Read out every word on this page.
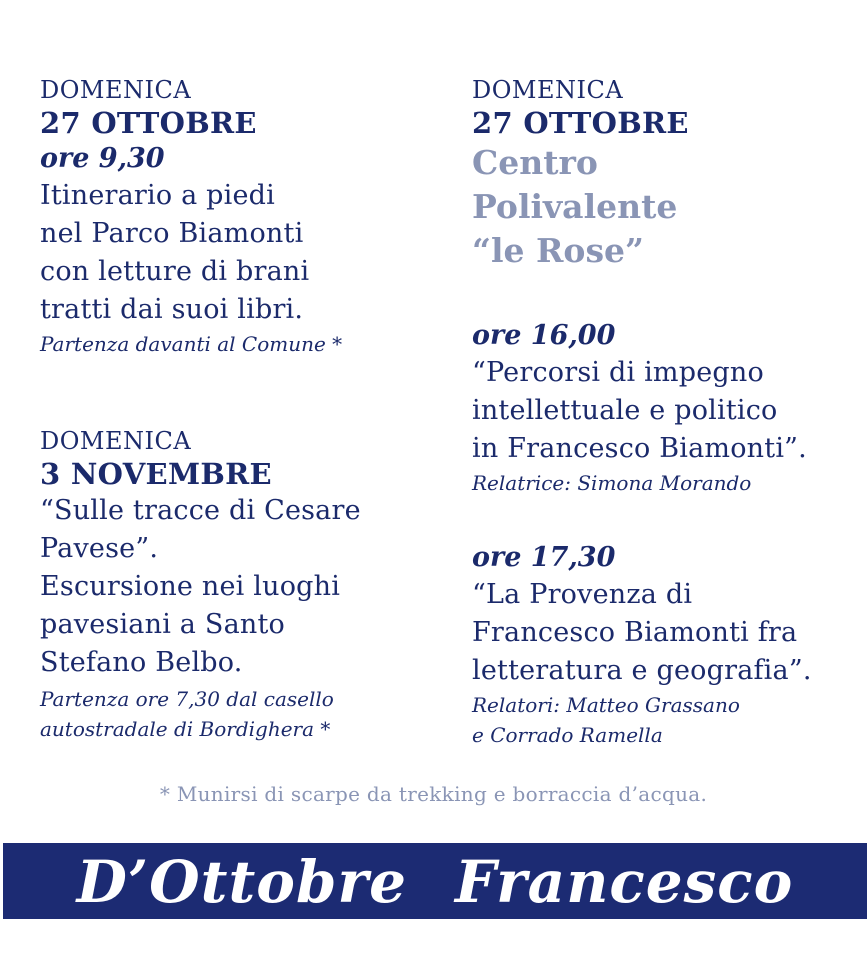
DOMENICA
27 OTTOBRE
ore 9,30
Itinerario a piedi
nel Parco Biamonti
con letture di brani
tratti dai suoi libri.
Partenza davanti al Comune *
DOMENICA
3 NOVEMBRE
“Sulle tracce di Cesare
Pavese”.
Escursione nei luoghi
pavesiani a Santo
Stefano Belbo.
Partenza ore 7,30 dal casello
autostradale di Bordighera *
DOMENICA
27 OTTOBRE
Centro
Polivalente
“le Rose”
ore 16,00
“Percorsi di impegno
intellettuale e politico
in Francesco Biamonti”.
Relatrice: Simona Morando
ore 17,30
“La Provenza di
Francesco Biamonti fra
letteratura e geografia”.
Relatori: Matteo Grassano
e Corrado Ramella
* Munirsi di scarpe da trekking e borraccia d’acqua.
D’Ottobre Francesco
